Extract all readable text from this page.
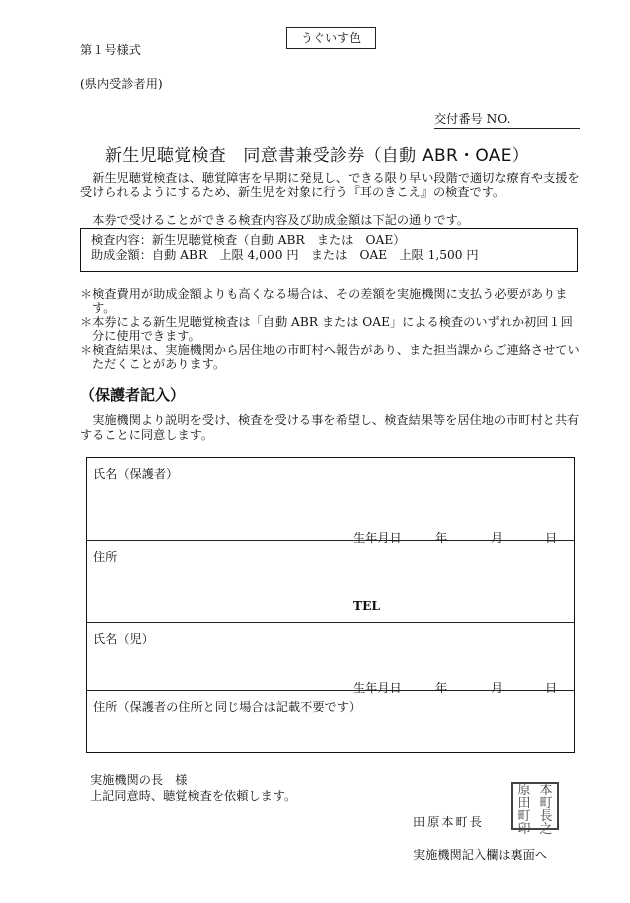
うぐいす色
第１号様式
(県内受診者用)
交付番号 NO.
新生児聴覚検査　同意書兼受診券（自動 ABR・OAE）
新生児聴覚検査は、聴覚障害を早期に発見し、できる限り早い段階で適切な療育や支援を受けられるようにするため、新生児を対象に行う『耳のきこえ』の検査です。
本券で受けることができる検査内容及び助成金額は下記の通りです。
検査内容：新生児聴覚検査（自動 ABR　または　OAE）
助成金額：自動 ABR　上限 4,000 円　または　OAE　上限 1,500 円

＊検査費用が助成金額よりも高くなる場合は、その差額を実施機関に支払う必要があります。

＊本券による新生児聴覚検査は「自動 ABR または OAE」による検査のいずれか初回１回分に使用できます。

＊検査結果は、実施機関から居住地の市町村へ報告があり、また担当課からご連絡させていただくことがあります。

（保護者記入）
実施機関より説明を受け、検査を受ける事を希望し、検査結果等を居住地の市町村と共有することに同意します。
氏名（保護者）
生年月日	年	月	日
住所
TEL
氏名（児）
生年月日	年	月	日
住所（保護者の住所と同じ場合は記載不要です）
実施機関の長　様
上記同意時、聴覚検査を依頼します。
田原本町長
原
田
本
町
町
印
長
之
実施機関記入欄は裏面へ
